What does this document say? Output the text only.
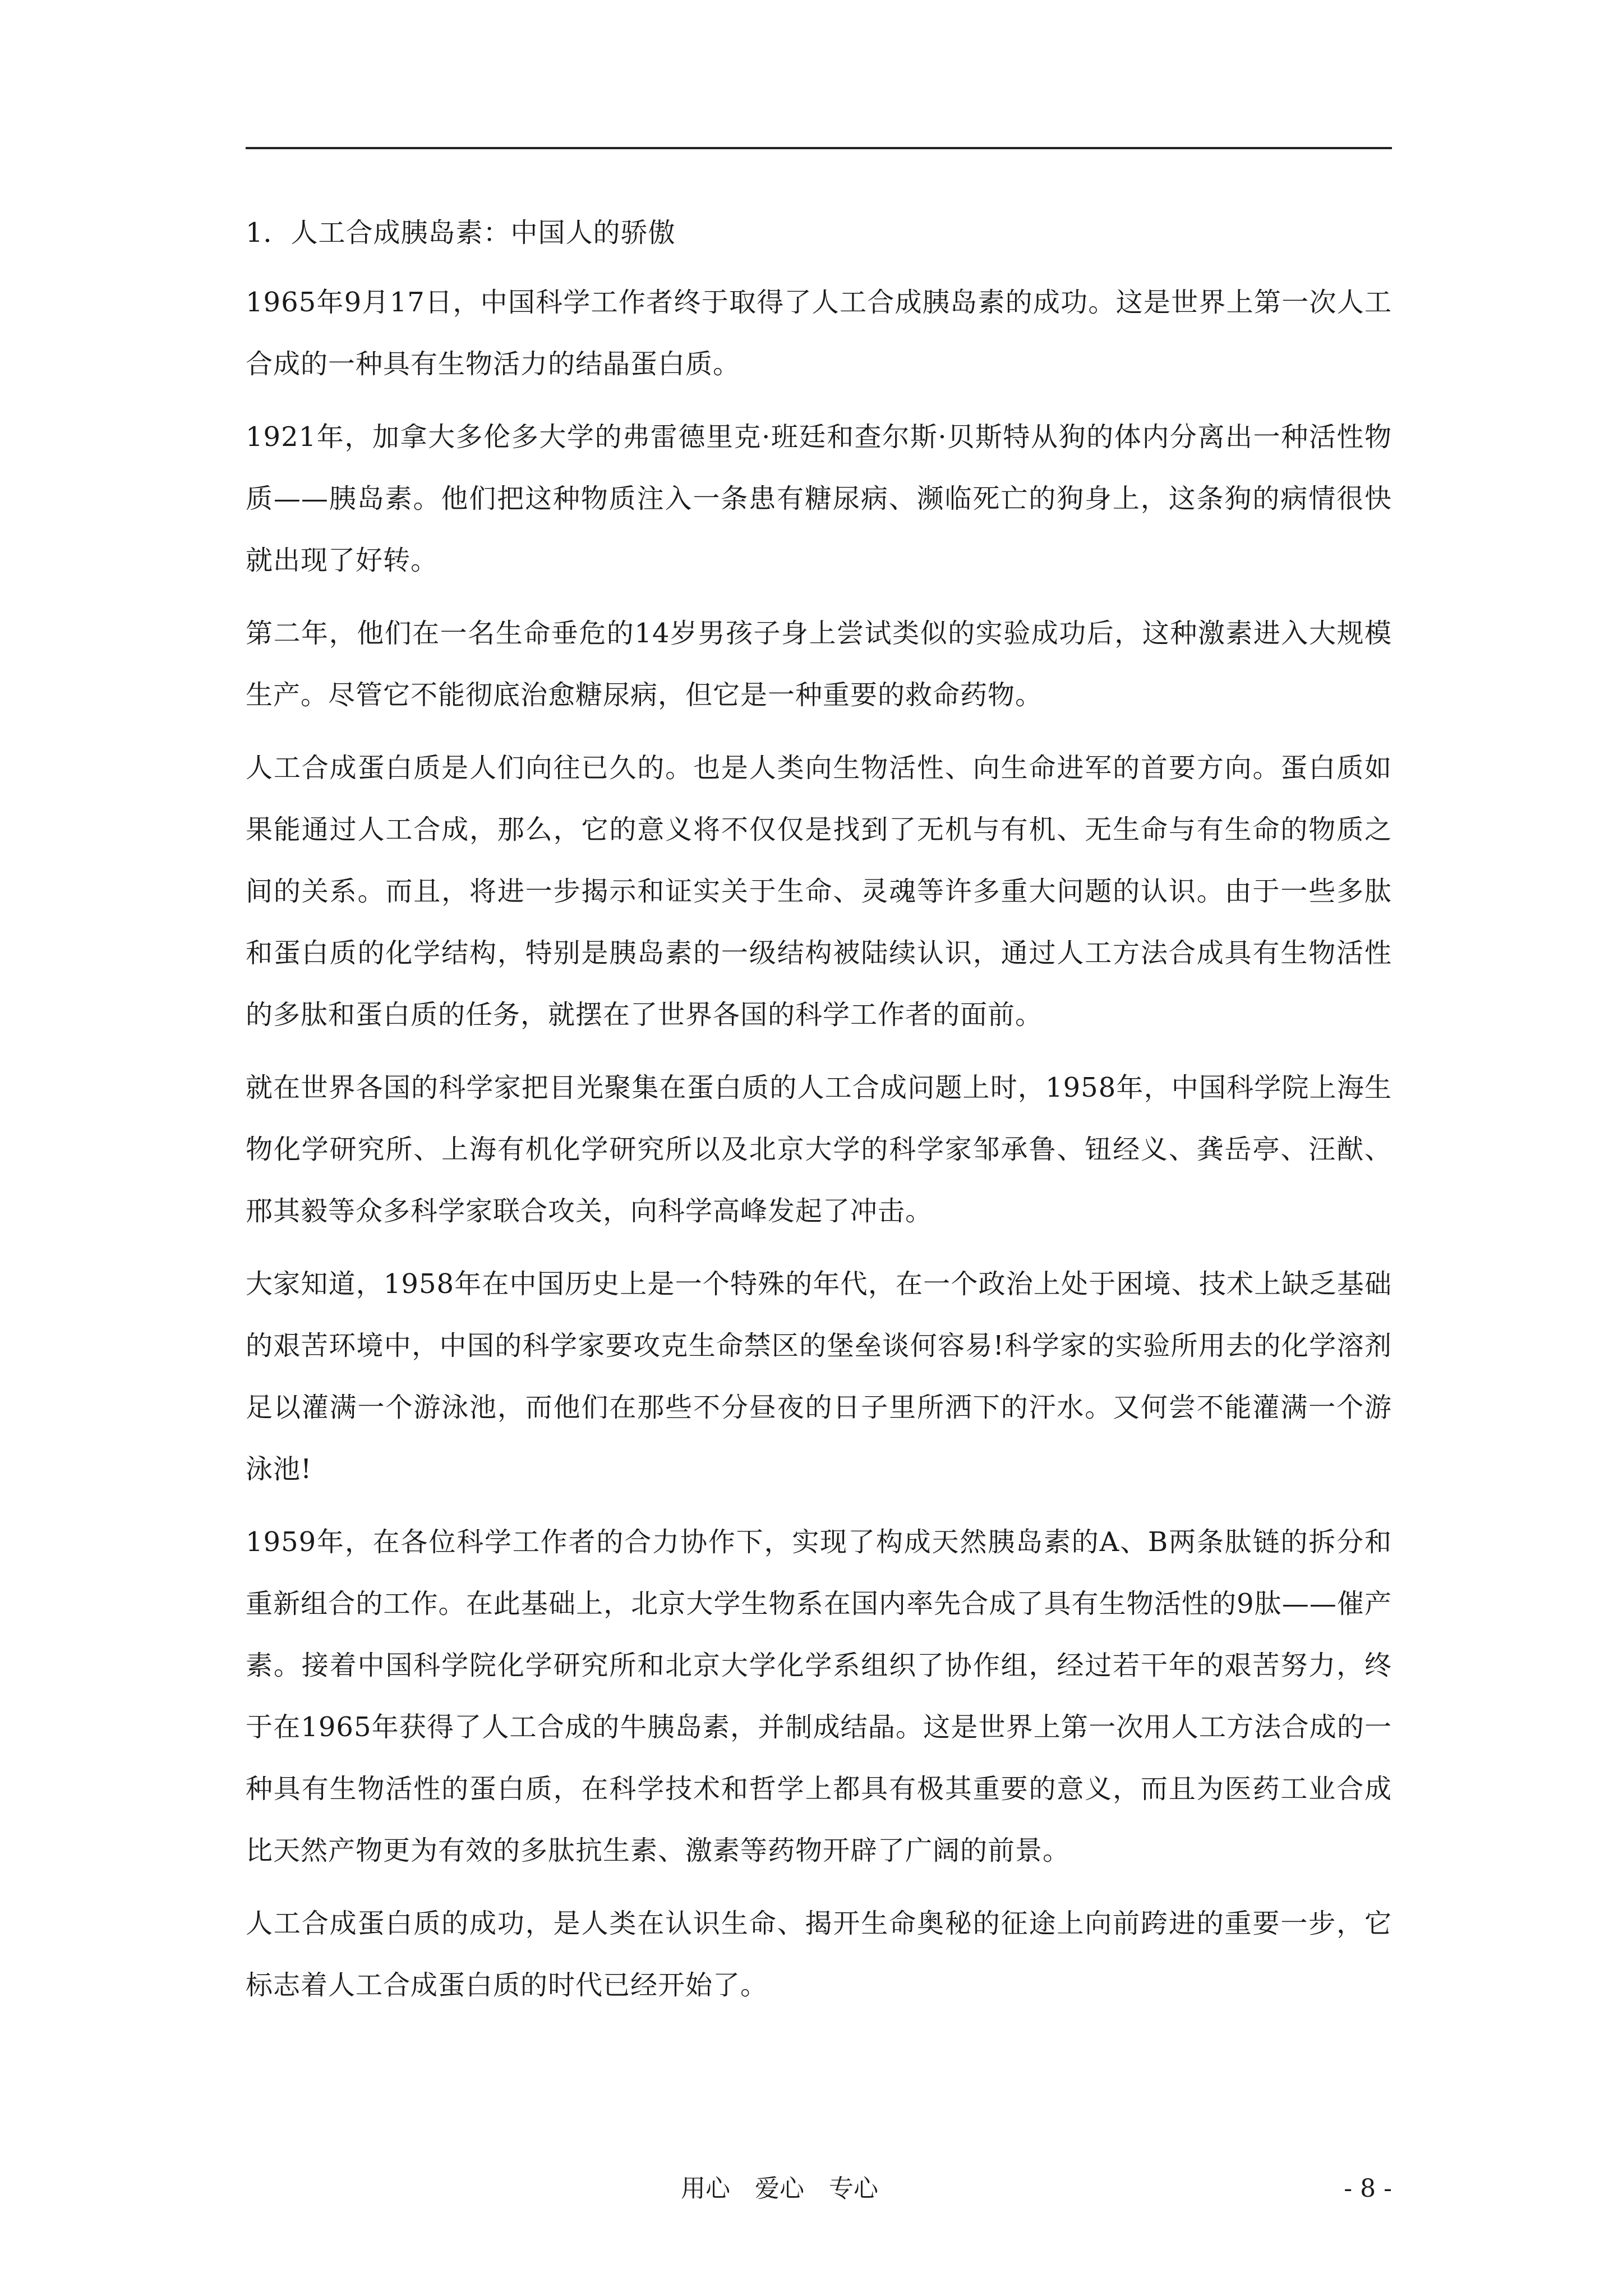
1．人工合成胰岛素：中国人的骄傲

1965年9月17日，中国科学工作者终于取得了人工合成胰岛素的成功。这是世界上第一次人工合成的一种具有生物活力的结晶蛋白质。

1921年，加拿大多伦多大学的弗雷德里克·班廷和查尔斯·贝斯特从狗的体内分离出一种活性物质——胰岛素。他们把这种物质注入一条患有糖尿病、濒临死亡的狗身上，这条狗的病情很快就出现了好转。

第二年，他们在一名生命垂危的14岁男孩子身上尝试类似的实验成功后，这种激素进入大规模生产。尽管它不能彻底治愈糖尿病，但它是一种重要的救命药物。

人工合成蛋白质是人们向往已久的。也是人类向生物活性、向生命进军的首要方向。蛋白质如果能通过人工合成，那么，它的意义将不仅仅是找到了无机与有机、无生命与有生命的物质之间的关系。而且，将进一步揭示和证实关于生命、灵魂等许多重大问题的认识。由于一些多肽和蛋白质的化学结构，特别是胰岛素的一级结构被陆续认识，通过人工方法合成具有生物活性的多肽和蛋白质的任务，就摆在了世界各国的科学工作者的面前。

就在世界各国的科学家把目光聚集在蛋白质的人工合成问题上时，1958年，中国科学院上海生物化学研究所、上海有机化学研究所以及北京大学的科学家邹承鲁、钮经义、龚岳亭、汪猷、邢其毅等众多科学家联合攻关，向科学高峰发起了冲击。

大家知道，1958年在中国历史上是一个特殊的年代，在一个政治上处于困境、技术上缺乏基础的艰苦环境中，中国的科学家要攻克生命禁区的堡垒谈何容易!科学家的实验所用去的化学溶剂足以灌满一个游泳池，而他们在那些不分昼夜的日子里所洒下的汗水。又何尝不能灌满一个游泳池!

1959年，在各位科学工作者的合力协作下，实现了构成天然胰岛素的A、B两条肽链的拆分和重新组合的工作。在此基础上，北京大学生物系在国内率先合成了具有生物活性的9肽——催产素。接着中国科学院化学研究所和北京大学化学系组织了协作组，经过若干年的艰苦努力，终于在1965年获得了人工合成的牛胰岛素，并制成结晶。这是世界上第一次用人工方法合成的一种具有生物活性的蛋白质，在科学技术和哲学上都具有极其重要的意义，而且为医药工业合成比天然产物更为有效的多肽抗生素、激素等药物开辟了广阔的前景。

人工合成蛋白质的成功，是人类在认识生命、揭开生命奥秘的征途上向前跨进的重要一步，它标志着人工合成蛋白质的时代已经开始了。

用心　爱心　专心	- 8 -
